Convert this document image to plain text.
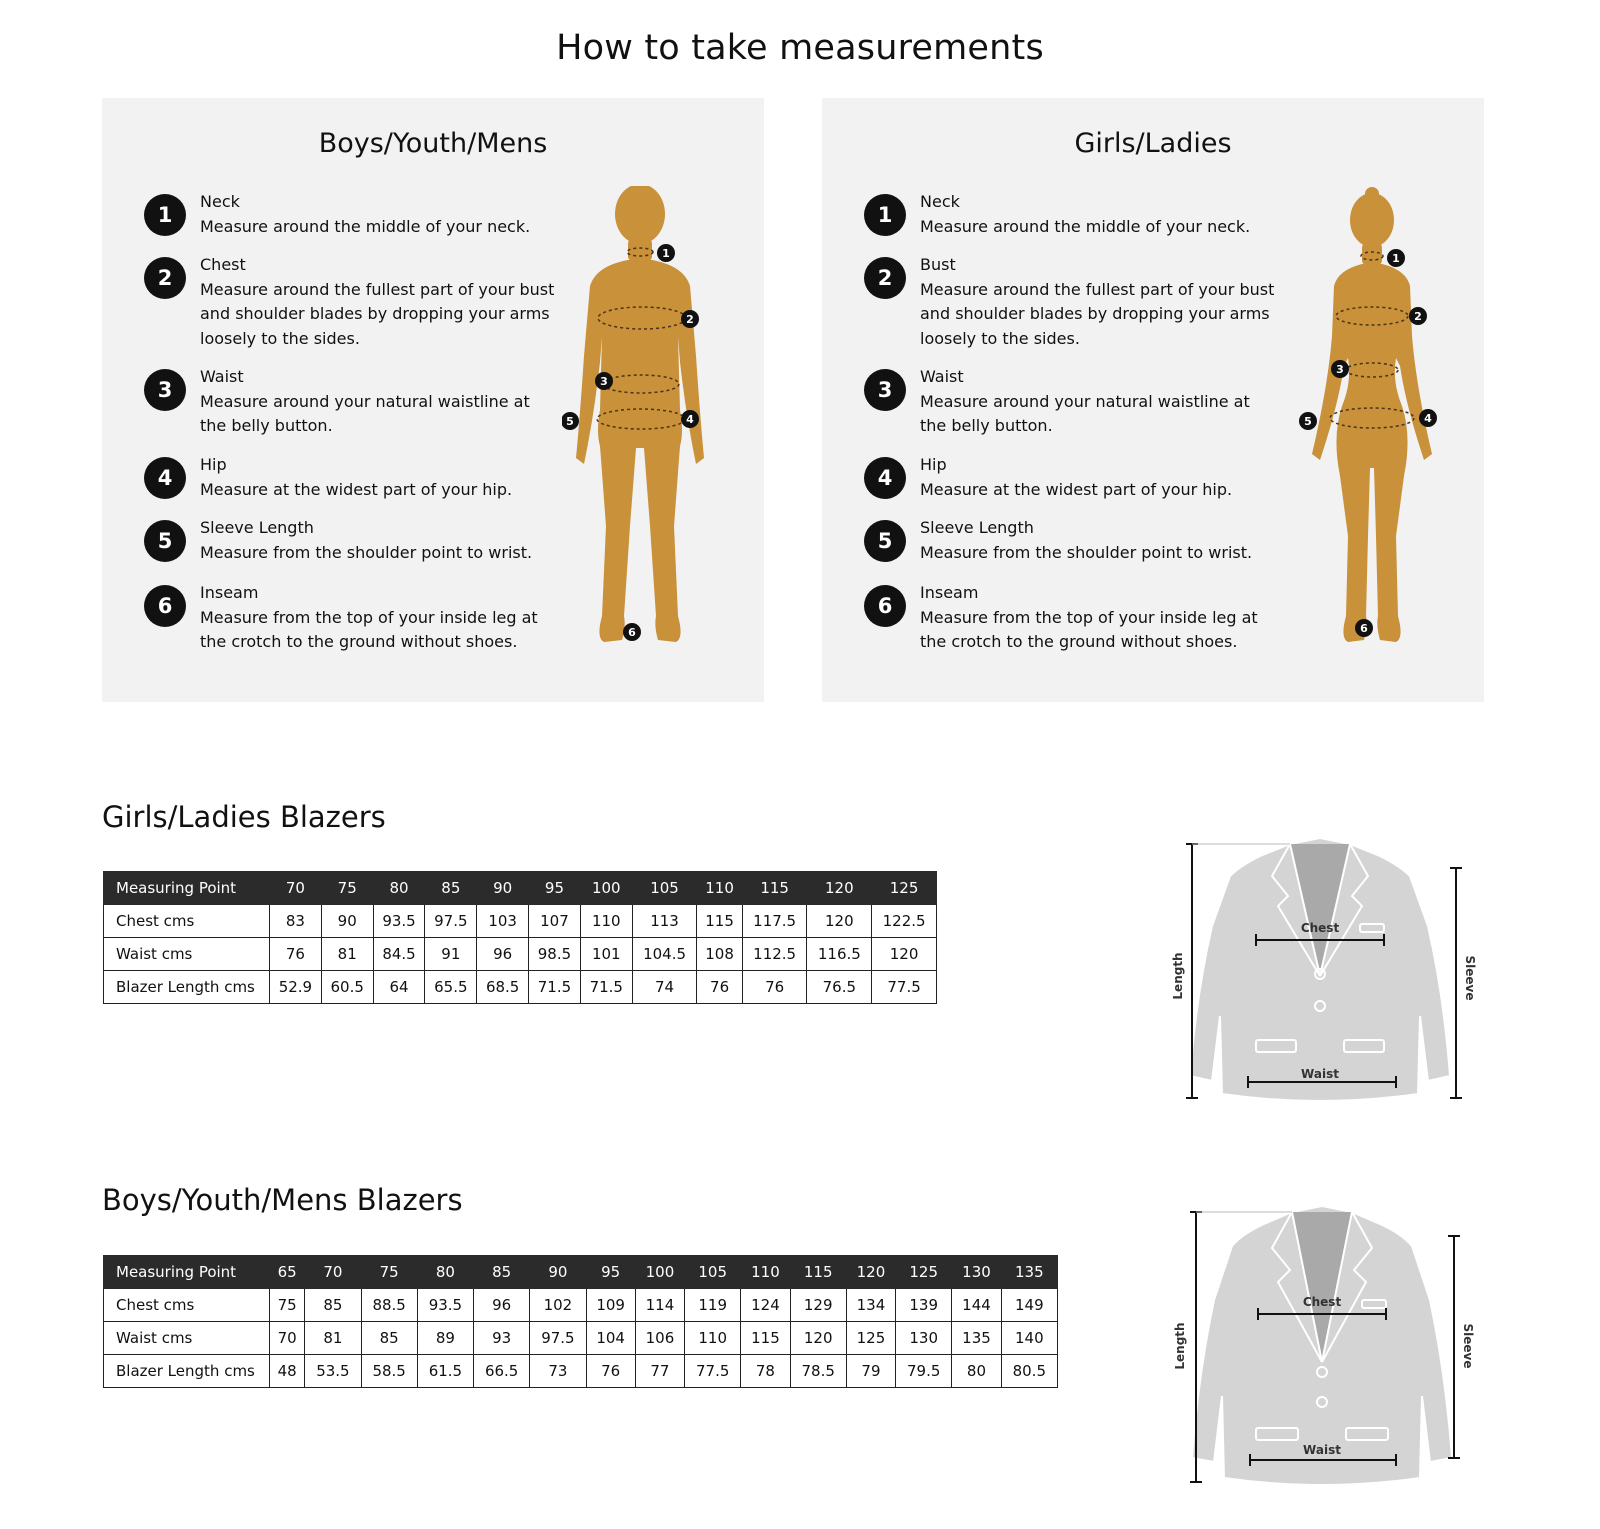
How to take measurements
Boys/Youth/Mens
1
Neck
Measure around the middle of your neck.
2
Chest
Measure around the fullest part of your bust and shoulder blades by dropping your arms loosely to the sides.
3
Waist
Measure around your natural waistline at the belly button.
4
Hip
Measure at the widest part of your hip.
5
Sleeve Length
Measure from the shoulder point to wrist.
6
Inseam
Measure from the top of your inside leg at the crotch to the ground without shoes.
1
2
3
4
5
6
Girls/Ladies
1
Neck
Measure around the middle of your neck.
2
Bust
Measure around the fullest part of your bust and shoulder blades by dropping your arms loosely to the sides.
3
Waist
Measure around your natural waistline at the belly button.
4
Hip
Measure at the widest part of your hip.
5
Sleeve Length
Measure from the shoulder point to wrist.
6
Inseam
Measure from the top of your inside leg at the crotch to the ground without shoes.
1
2
3
4
5
6
Girls/Ladies Blazers
Measuring Point	70	75	80	85	90	95	100	105	110	115	120	125
Chest cms	83	90	93.5	97.5	103	107	110	113	115	117.5	120	122.5
Waist cms	76	81	84.5	91	96	98.5	101	104.5	108	112.5	116.5	120
Blazer Length cms	52.9	60.5	64	65.5	68.5	71.5	71.5	74	76	76	76.5	77.5
Chest
Waist
Length	Sleeve
Boys/Youth/Mens Blazers
Measuring Point	65	70	75	80	85	90	95	100	105	110	115	120	125	130	135
Chest cms	75	85	88.5	93.5	96	102	109	114	119	124	129	134	139	144	149
Waist cms	70	81	85	89	93	97.5	104	106	110	115	120	125	130	135	140
Blazer Length cms	48	53.5	58.5	61.5	66.5	73	76	77	77.5	78	78.5	79	79.5	80	80.5
Chest
Waist
Length	Sleeve
